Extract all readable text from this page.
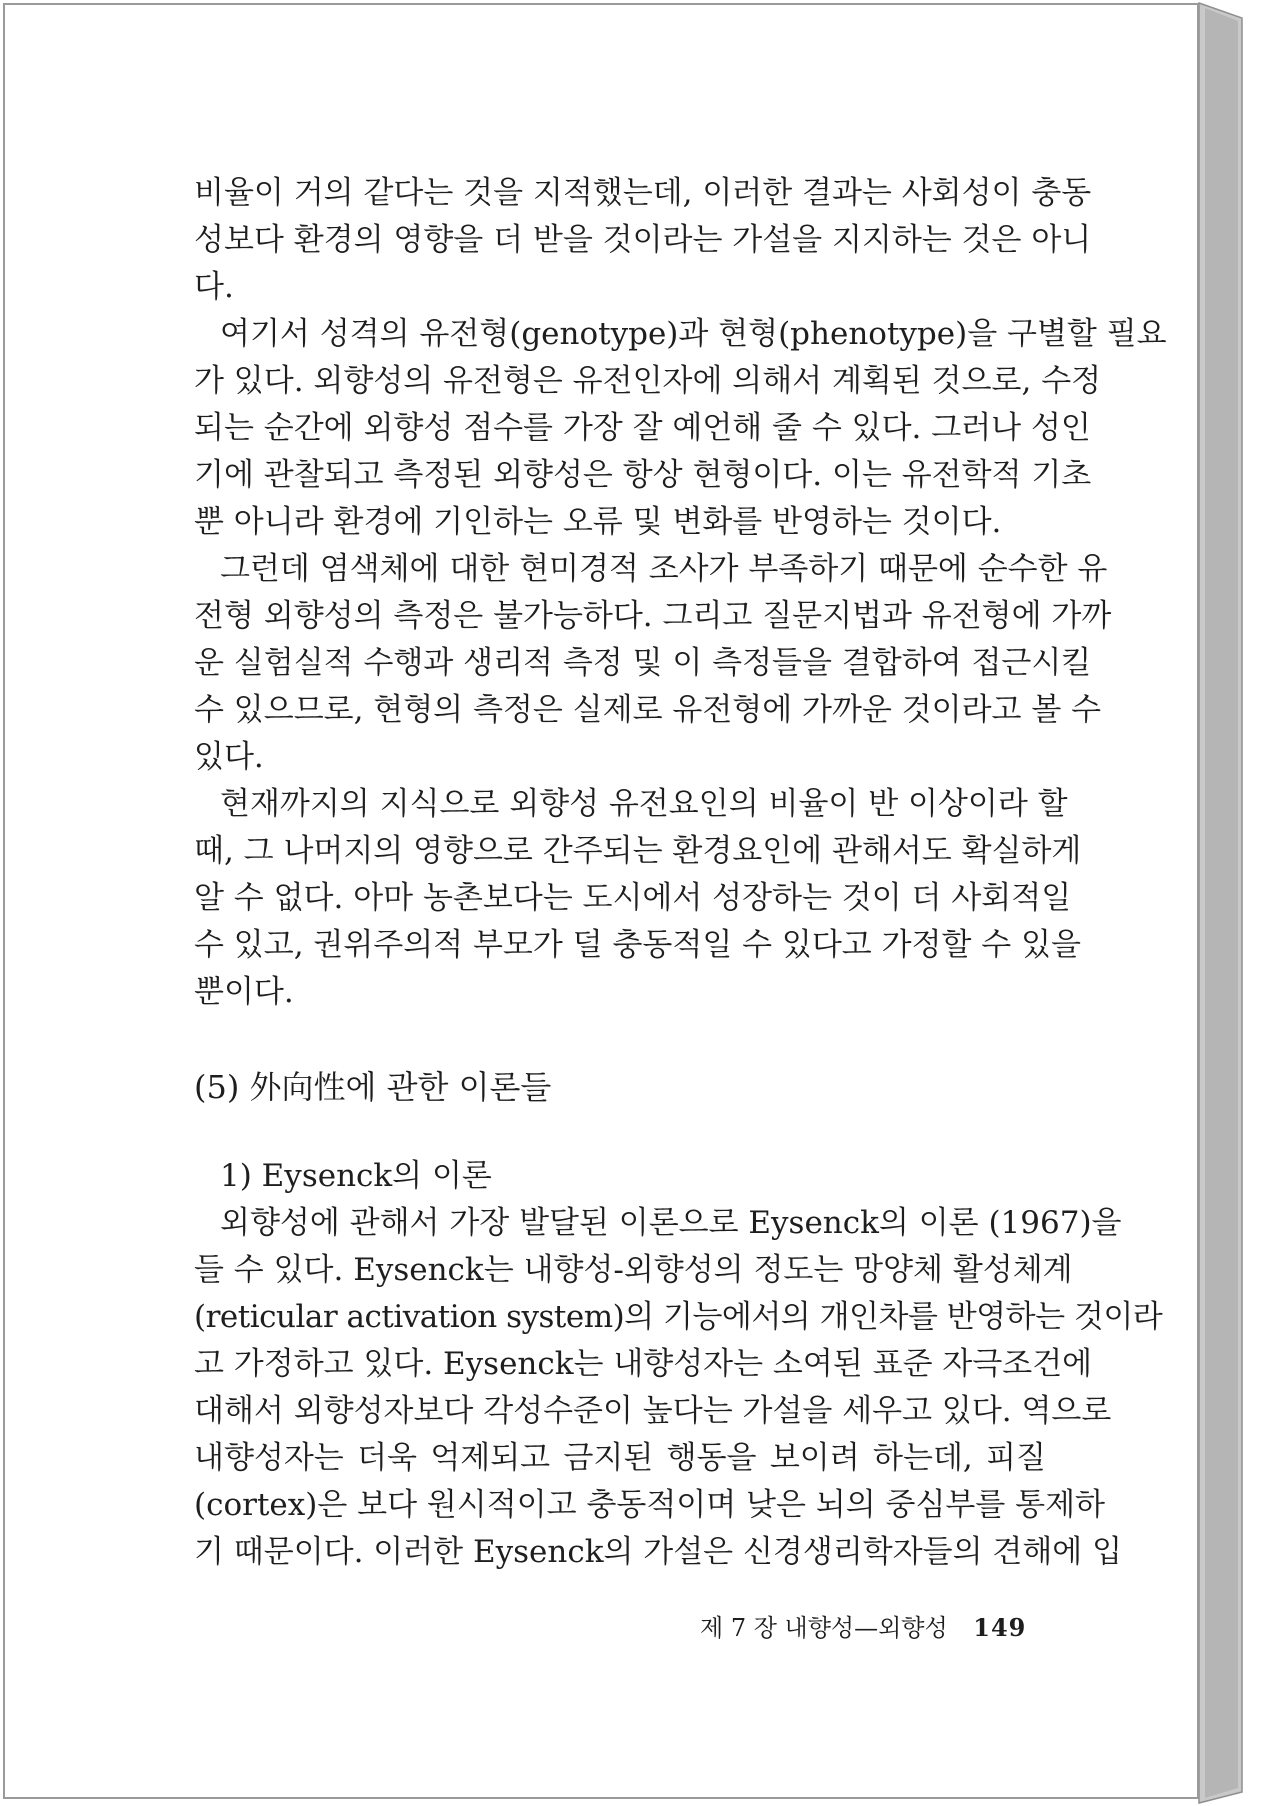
비율이 거의 같다는 것을 지적했는데, 이러한 결과는 사회성이 충동
성보다 환경의 영향을 더 받을 것이라는 가설을 지지하는 것은 아니
다.
여기서 성격의 유전형(genotype)과 현형(phenotype)을 구별할 필요
가 있다. 외향성의 유전형은 유전인자에 의해서 계획된 것으로, 수정
되는 순간에 외향성 점수를 가장 잘 예언해 줄 수 있다. 그러나 성인
기에 관찰되고 측정된 외향성은 항상 현형이다. 이는 유전학적 기초
뿐 아니라 환경에 기인하는 오류 및 변화를 반영하는 것이다.
그런데 염색체에 대한 현미경적 조사가 부족하기 때문에 순수한 유
전형 외향성의 측정은 불가능하다. 그리고 질문지법과 유전형에 가까
운 실험실적 수행과 생리적 측정 및 이 측정들을 결합하여 접근시킬
수 있으므로, 현형의 측정은 실제로 유전형에 가까운 것이라고 볼 수
있다.
현재까지의 지식으로 외향성 유전요인의 비율이 반 이상이라 할
때, 그 나머지의 영향으로 간주되는 환경요인에 관해서도 확실하게
알 수 없다. 아마 농촌보다는 도시에서 성장하는 것이 더 사회적일
수 있고, 권위주의적 부모가 덜 충동적일 수 있다고 가정할 수 있을
뿐이다.
(5) 外向性에 관한 이론들
1) Eysenck의 이론
외향성에 관해서 가장 발달된 이론으로 Eysenck의 이론 (1967)을
들 수 있다. Eysenck는 내향성-외향성의 정도는 망양체 활성체계
(reticular activation system)의 기능에서의 개인차를 반영하는 것이라
고 가정하고 있다. Eysenck는 내향성자는 소여된 표준 자극조건에
대해서 외향성자보다 각성수준이 높다는 가설을 세우고 있다. 역으로
내향성자는 더욱 억제되고 금지된 행동을 보이려 하는데, 피질
(cortex)은 보다 원시적이고 충동적이며 낮은 뇌의 중심부를 통제하
기 때문이다. 이러한 Eysenck의 가설은 신경생리학자들의 견해에 입
제 7 장 내향성—외향성 149
